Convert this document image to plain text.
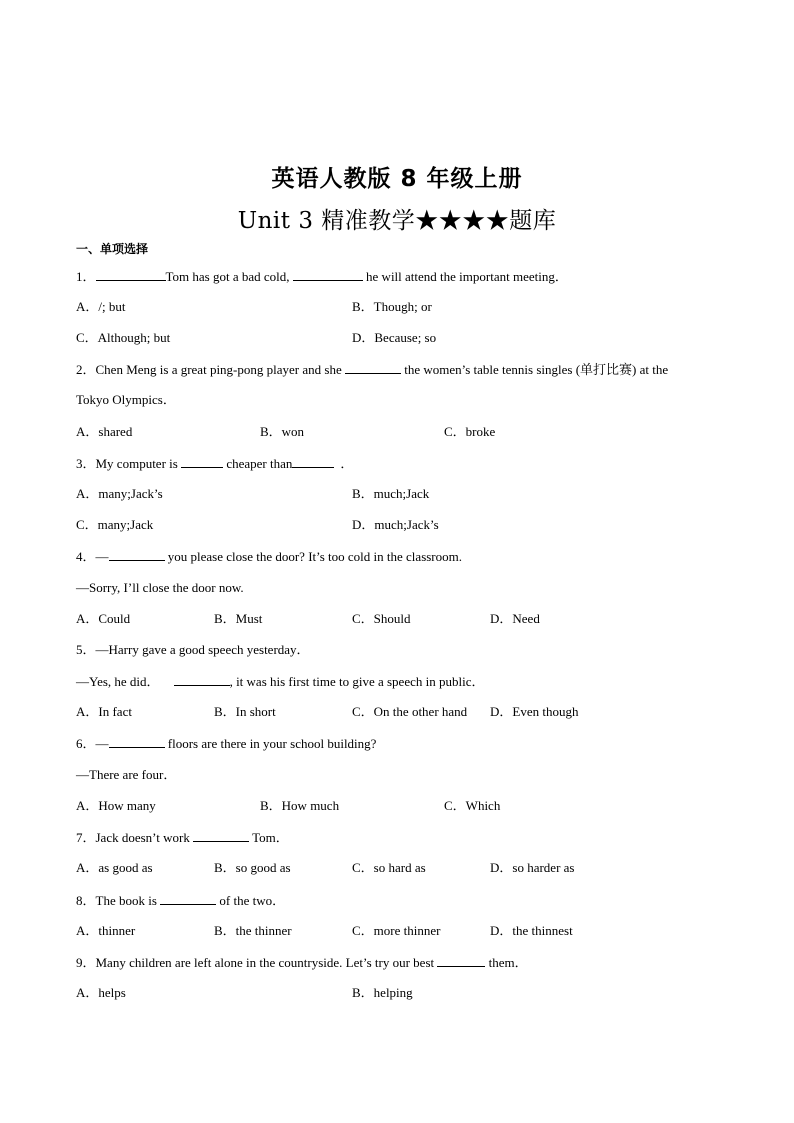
英语人教版 8 年级上册
Unit 3 精准教学★★★★题库
一、单项选择
1．	Tom has got a bad cold,	he will attend the important meeting．
A．/; but	B．Though; or
C．Although; but	D．Because; so
2．Chen Meng is a great ping-pong player and she	the women’s table tennis singles (单打比赛) at the
Tokyo Olympics．
A．shared	B．won	C．broke
3．My computer is	cheaper than	．
A．many;Jack’s	B．much;Jack
C．many;Jack	D．much;Jack’s
4．—	you please close the door? It’s too cold in the classroom.
—Sorry, I’ll close the door now.
A．Could	B．Must	C．Should	D．Need
5．—Harry gave a good speech yesterday．
—Yes, he did．	, it was his first time to give a speech in public．
A．In fact	B．In short	C．On the other hand D．Even though
6．—	floors are there in your school building?
—There are four．
A．How many	B．How much	C．Which
7．Jack doesn’t work	Tom．
A．as good as	B．so good as	C．so hard as	D．so harder as
8．The book is	of the two．
A．thinner	B．the thinner	C．more thinner	D．the thinnest
9．Many children are left alone in the countryside. Let’s try our best	them．
A．helps	B．helping
